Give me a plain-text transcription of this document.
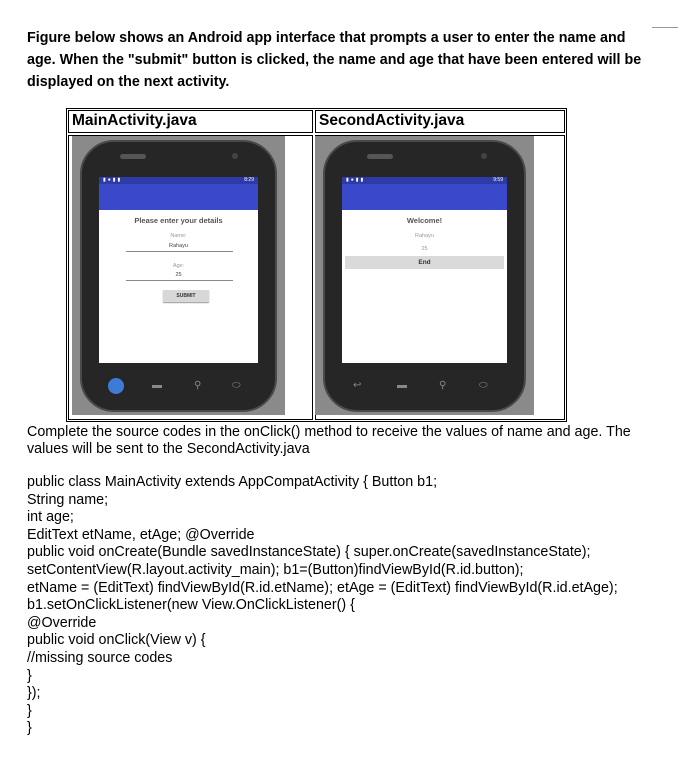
Figure below shows an Android app interface that prompts a user to enter the name and age. When the "submit" button is clicked, the name and age that have been entered will be displayed on the next activity.
MainActivity.java	SecondActivity.java
▮●▮▮	8:29
Please enter your details
Name:
Rahayu
Age:
25
SUBMIT
▬	⚲	⬭
▮●▮▮	9:59
Welcome!
Rahayu
25
End
↩	▬	⚲	⬭
Complete the source codes in the onClick() method to receive the values of name and age. The values will be sent to the SecondActivity.java
public class MainActivity extends AppCompatActivity { Button b1;
String name;
int age;
EditText etName, etAge; @Override
public void onCreate(Bundle savedInstanceState) { super.onCreate(savedInstanceState);
setContentView(R.layout.activity_main); b1=(Button)findViewById(R.id.button);
etName = (EditText) findViewById(R.id.etName); etAge = (EditText) findViewById(R.id.etAge);
b1.setOnClickListener(new View.OnClickListener() {
@Override
public void onClick(View v) {
//missing source codes
}
});
}
}
